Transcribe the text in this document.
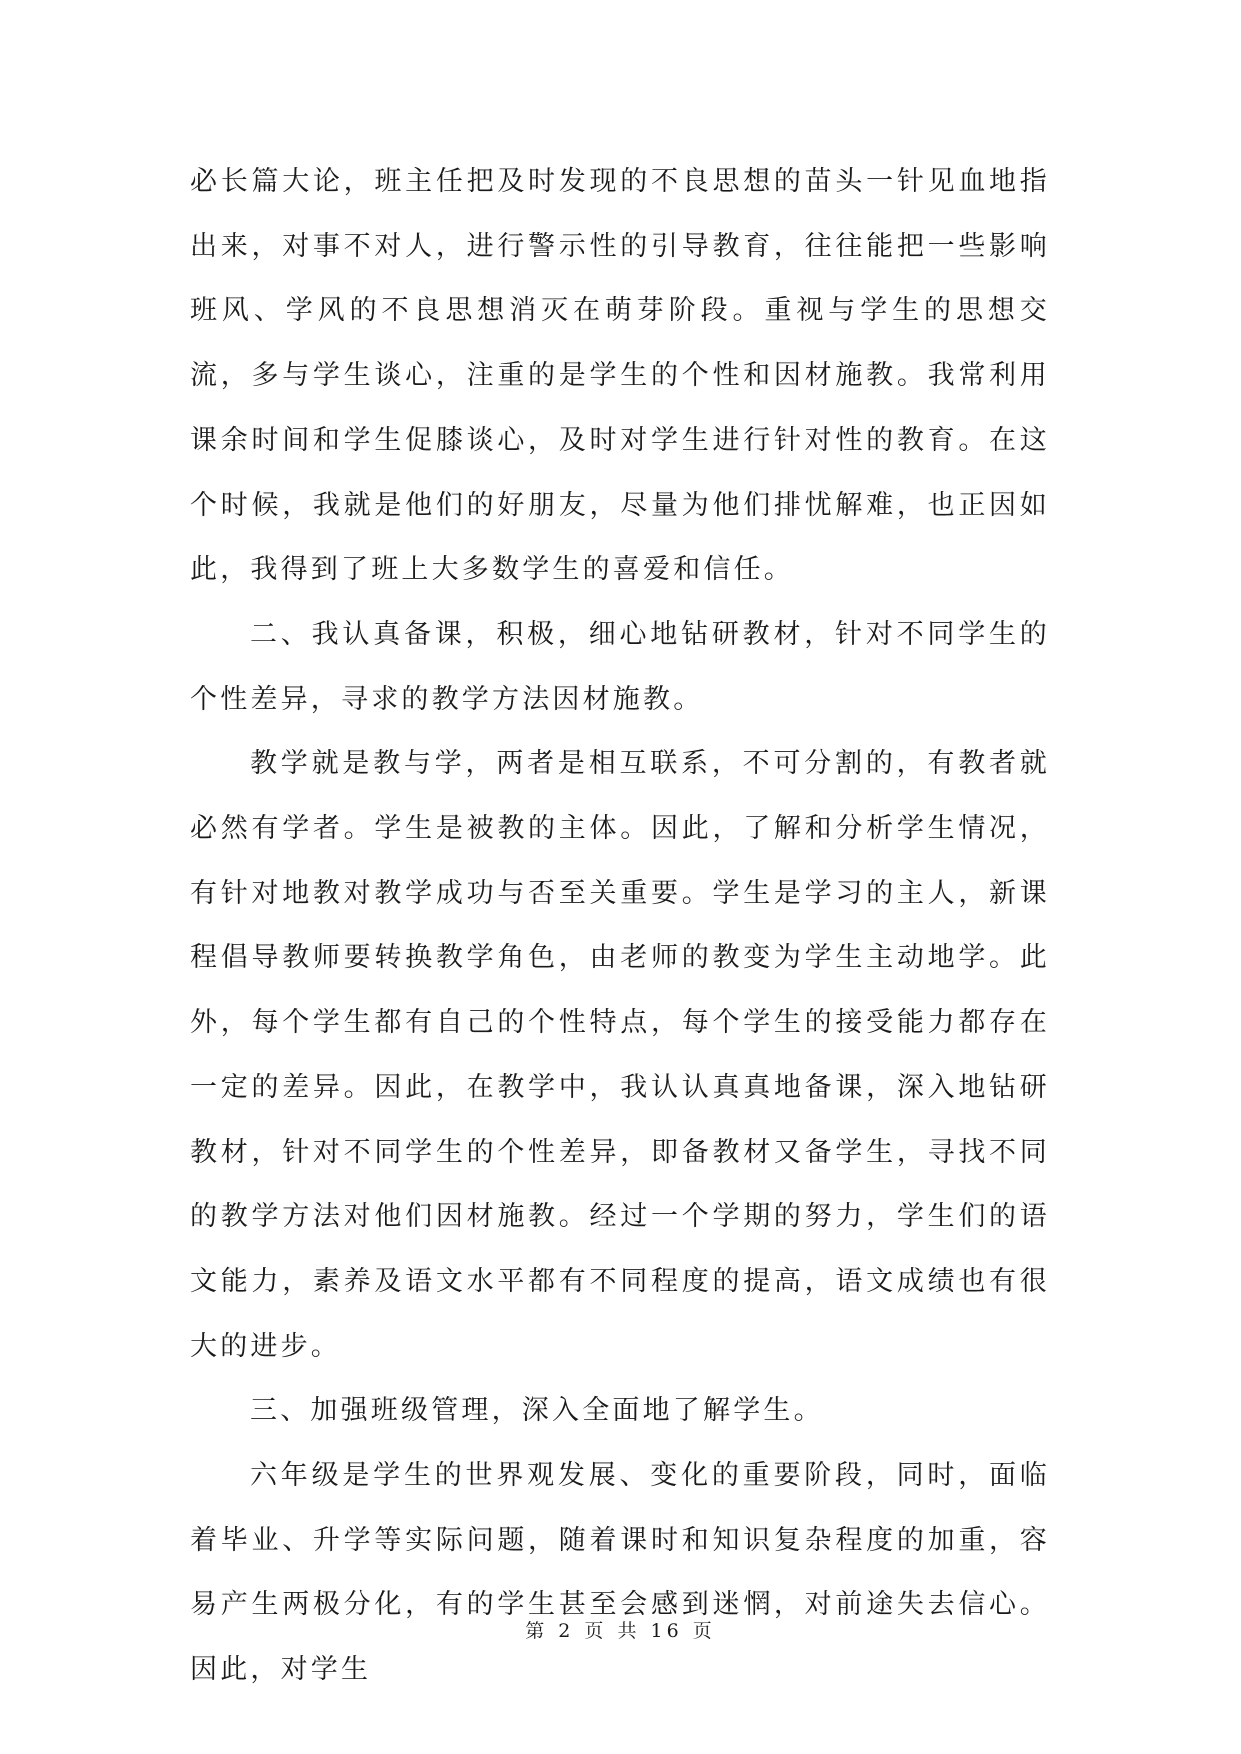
必长篇大论，班主任把及时发现的不良思想的苗头一针见血地指出来，对事不对人，进行警示性的引导教育，往往能把一些影响班风、学风的不良思想消灭在萌芽阶段。重视与学生的思想交流，多与学生谈心，注重的是学生的个性和因材施教。我常利用课余时间和学生促膝谈心，及时对学生进行针对性的教育。在这个时候，我就是他们的好朋友，尽量为他们排忧解难，也正因如此，我得到了班上大多数学生的喜爱和信任。

二、我认真备课，积极，细心地钻研教材，针对不同学生的个性差异，寻求的教学方法因材施教。

教学就是教与学，两者是相互联系，不可分割的，有教者就必然有学者。学生是被教的主体。因此，了解和分析学生情况，有针对地教对教学成功与否至关重要。学生是学习的主人，新课程倡导教师要转换教学角色，由老师的教变为学生主动地学。此外，每个学生都有自己的个性特点，每个学生的接受能力都存在一定的差异。因此，在教学中，我认认真真地备课，深入地钻研教材，针对不同学生的个性差异，即备教材又备学生，寻找不同的教学方法对他们因材施教。经过一个学期的努力，学生们的语文能力，素养及语文水平都有不同程度的提高，语文成绩也有很大的进步。

三、加强班级管理，深入全面地了解学生。

六年级是学生的世界观发展、变化的重要阶段，同时，面临着毕业、升学等实际问题，随着课时和知识复杂程度的加重，容易产生两极分化，有的学生甚至会感到迷惘，对前途失去信心。因此，对学生

第 2 页 共 16 页
